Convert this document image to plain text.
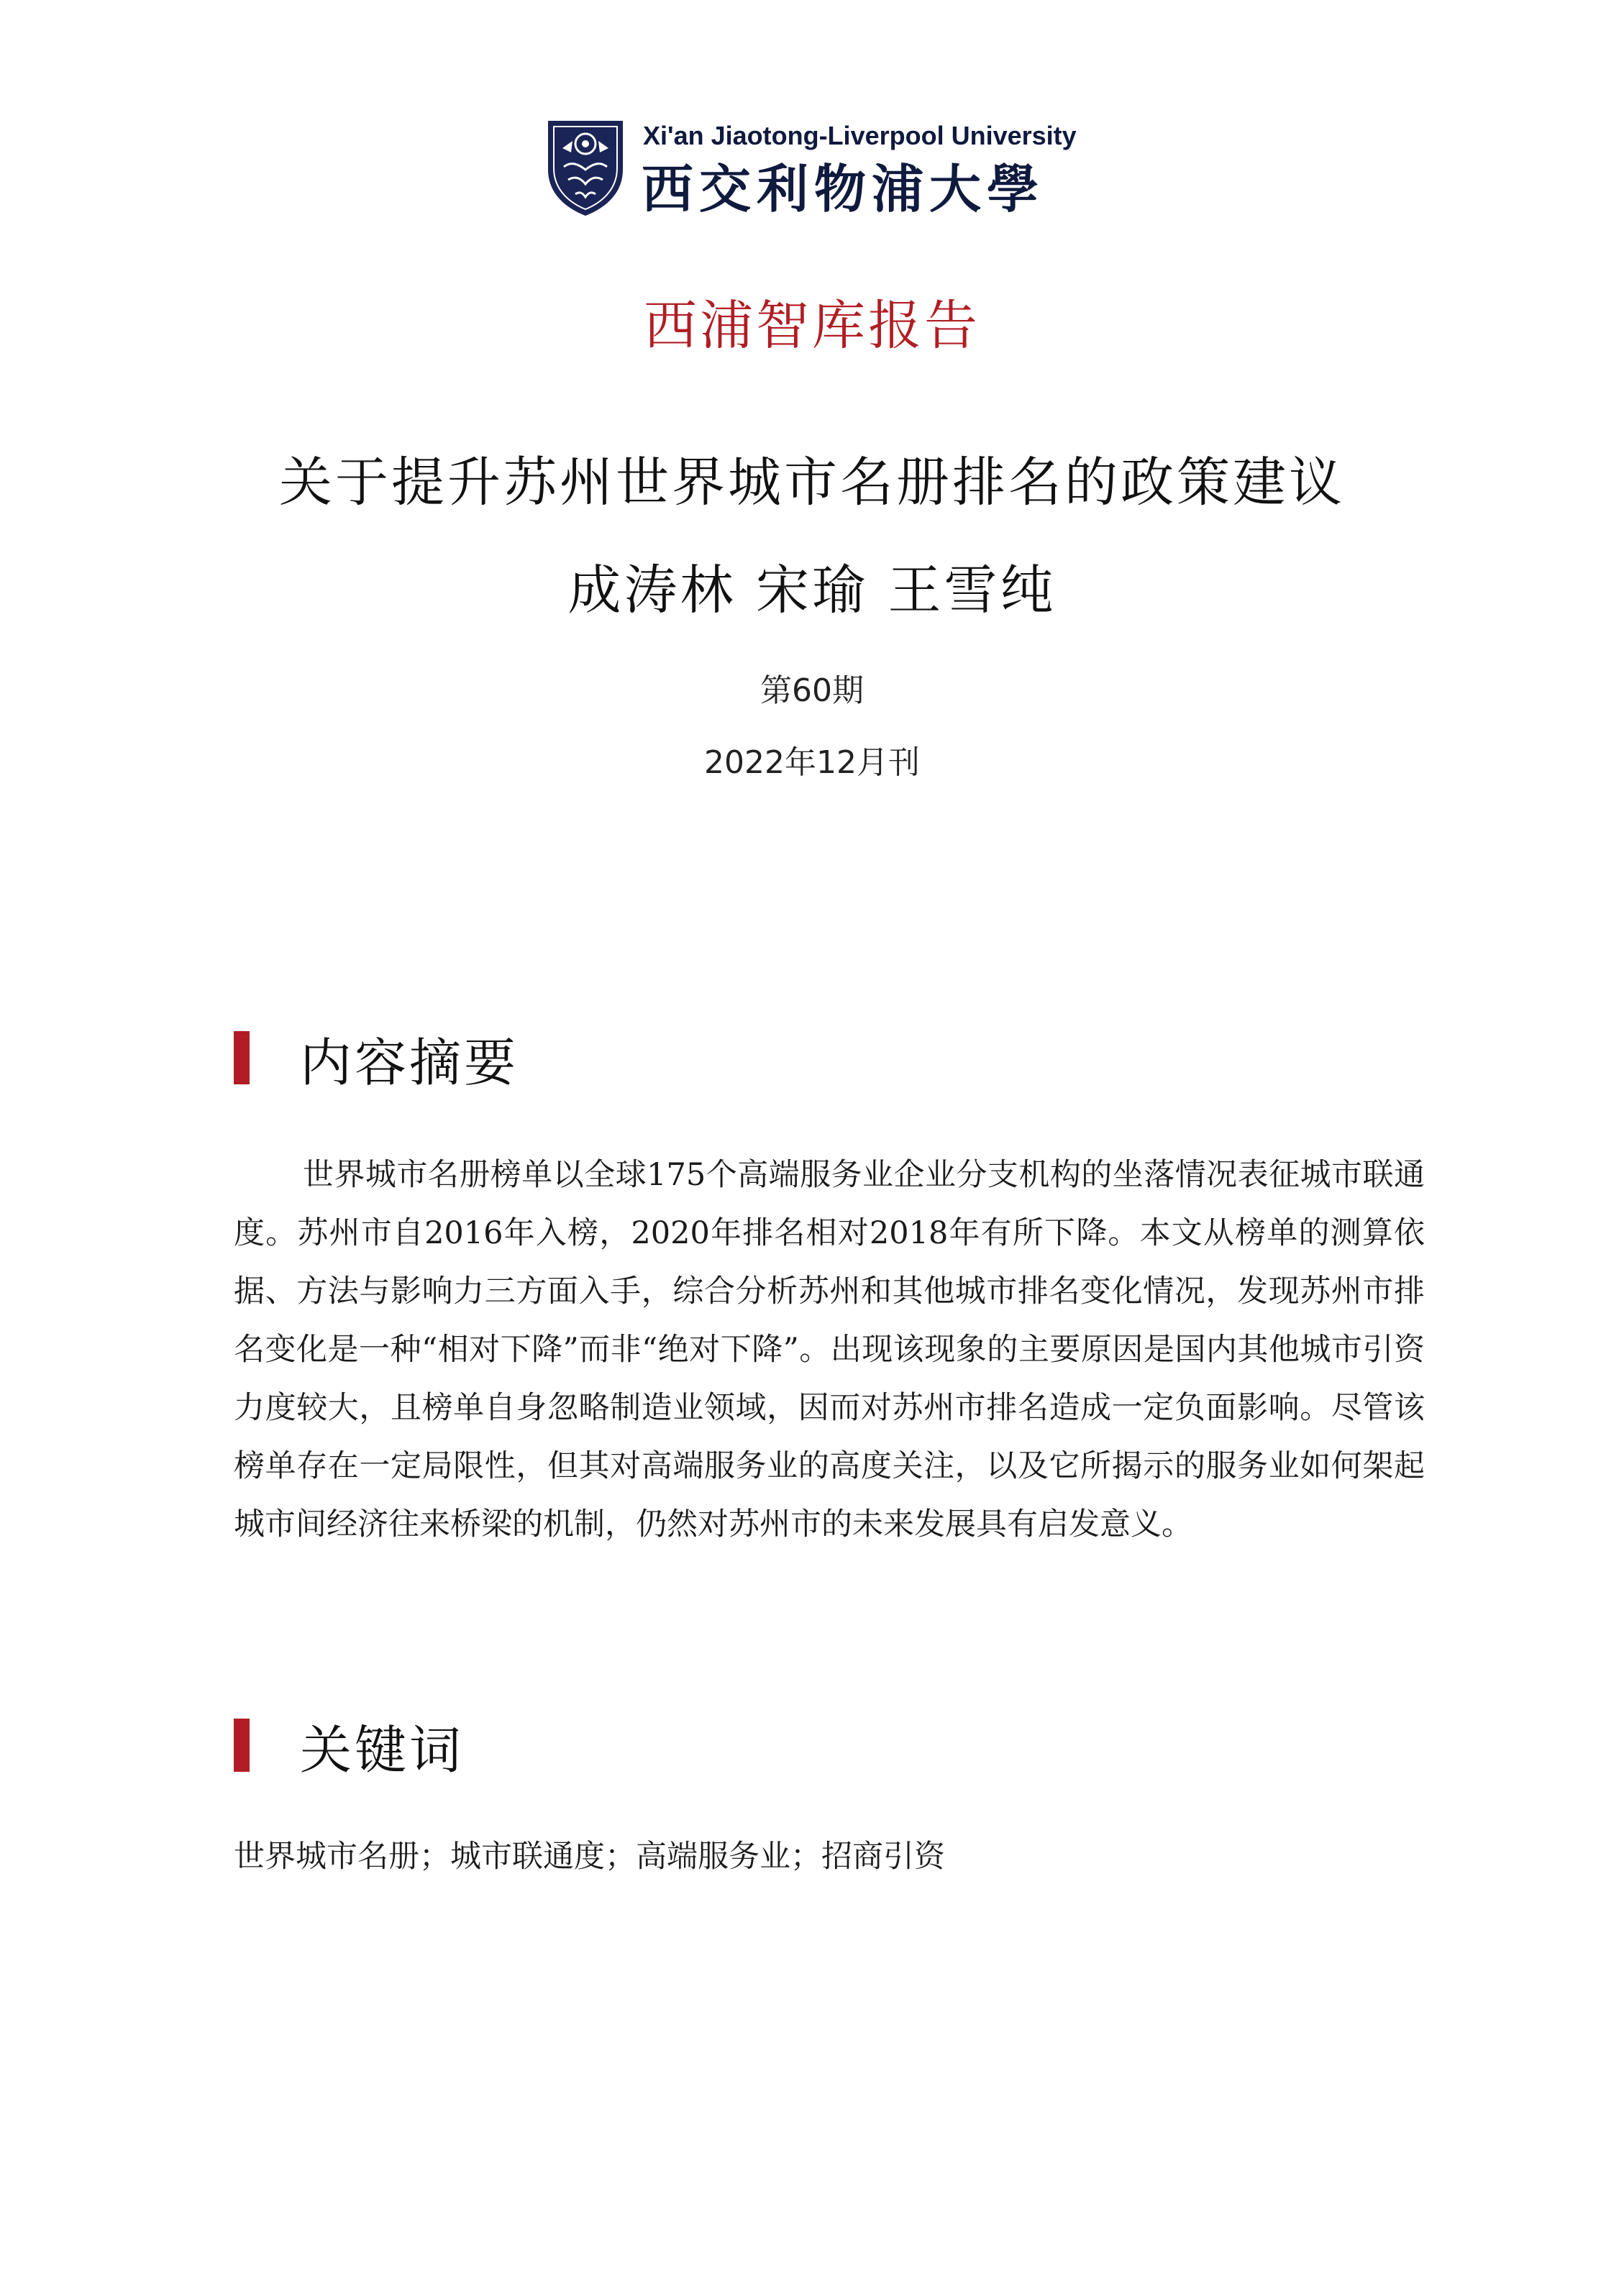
Xi'an Jiaotong-Liverpool University
西交利物浦大學
西浦智库报告
关于提升苏州世界城市名册排名的政策建议
成涛林 宋瑜 王雪纯
第60期
2022年12月刊
内容摘要

世界城市名册榜单以全球175个高端服务业企业分支机构的坐落情况表征城市联通度。苏州市自2016年入榜，2020年排名相对2018年有所下降。本文从榜单的测算依据、方法与影响力三方面入手，综合分析苏州和其他城市排名变化情况，发现苏州市排名变化是一种“相对下降”而非“绝对下降”。出现该现象的主要原因是国内其他城市引资力度较大，且榜单自身忽略制造业领域，因而对苏州市排名造成一定负面影响。尽管该榜单存在一定局限性，但其对高端服务业的高度关注，以及它所揭示的服务业如何架起城市间经济往来桥梁的机制，仍然对苏州市的未来发展具有启发意义。

关键词
世界城市名册；城市联通度；高端服务业；招商引资
